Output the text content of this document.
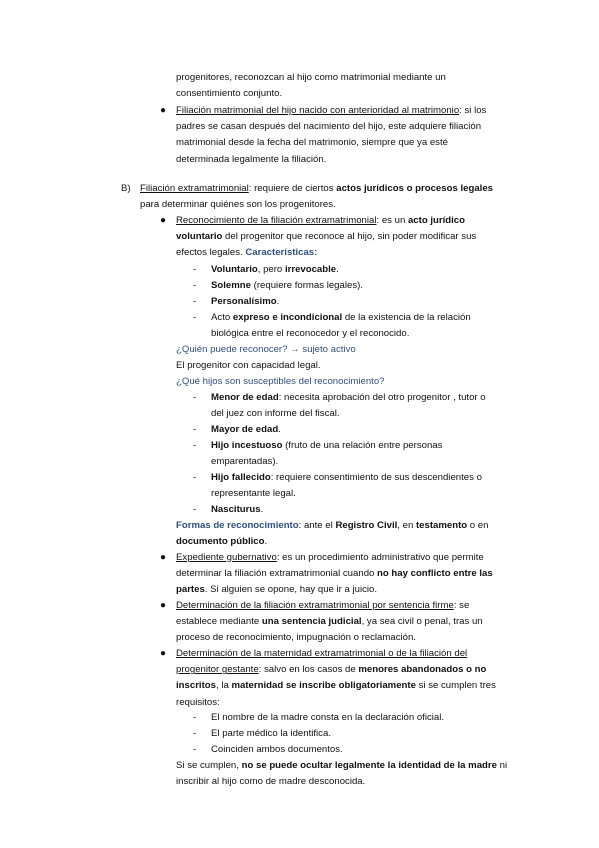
progenitores, reconozcan al hijo como matrimonial mediante un

consentimiento conjunto.

● Filiación matrimonial del hijo nacido con anterioridad al matrimonio: si los

padres se casan después del nacimiento del hijo, este adquiere filiación

matrimonial desde la fecha del matrimonio, siempre que ya esté

determinada legalmente la filiación.

B) Filiación extramatrimonial: requiere de ciertos actos jurídicos o procesos legales

para determinar quiénes son los progenitores.

● Reconocimiento de la filiación extramatrimonial: es un acto jurídico

voluntario del progenitor que reconoce al hijo, sin poder modificar sus

efectos legales. Características:

- Voluntario, pero irrevocable.
- Solemne (requiere formas legales).
- Personalísimo.
- Acto expreso e incondicional de la existencia de la relación

biológica entre el reconocedor y el reconocido.

¿Quién puede reconocer? → sujeto activo

El progenitor con capacidad legal.

¿Qué hijos son susceptibles del reconocimiento?

- Menor de edad: necesita aprobación del otro progenitor , tutor o

del juez con informe del fiscal.

- Mayor de edad.
- Hijo incestuoso (fruto de una relación entre personas

emparentadas).

- Hijo fallecido: requiere consentimiento de sus descendientes o

representante legal.

- Nasciturus.

Formas de reconocimiento: ante el Registro Civil, en testamento o en

documento público.

● Expediente gubernativo: es un procedimiento administrativo que permite

determinar la filiación extramatrimonial cuando no hay conflicto entre las

partes. Si alguien se opone, hay que ir a juicio.

● Determinación de la filiación extramatrimonial por sentencia firme: se

establece mediante una sentencia judicial, ya sea civil o penal, tras un

proceso de reconocimiento, impugnación o reclamación.

● Determinación de la maternidad extramatrimonial o de la filiación del

progenitor gestante: salvo en los casos de menores abandonados o no

inscritos, la maternidad se inscribe obligatoriamente si se cumplen tres

requisitos:

- El nombre de la madre consta en la declaración oficial.
- El parte médico la identifica.
- Coinciden ambos documentos.

Si se cumplen, no se puede ocultar legalmente la identidad de la madre ni

inscribir al hijo como de madre desconocida.
